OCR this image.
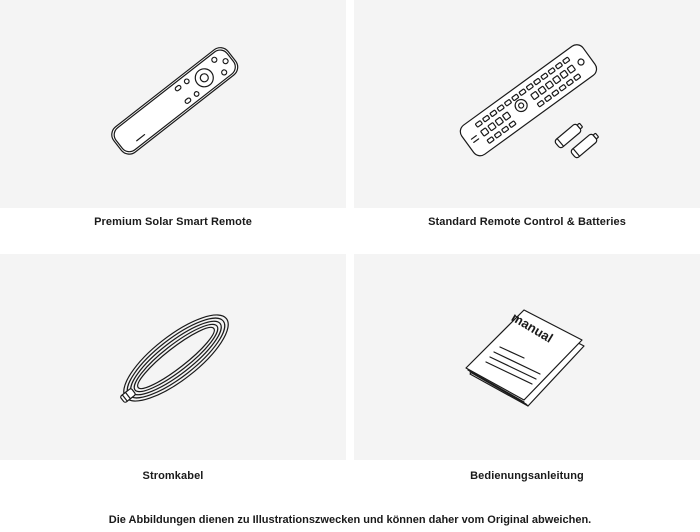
Premium Solar Smart Remote	Standard Remote Control & Batteries
Stromkabel
manual
Bedienungsanleitung
Die Abbildungen dienen zu Illustrationszwecken und können daher vom Original abweichen.
